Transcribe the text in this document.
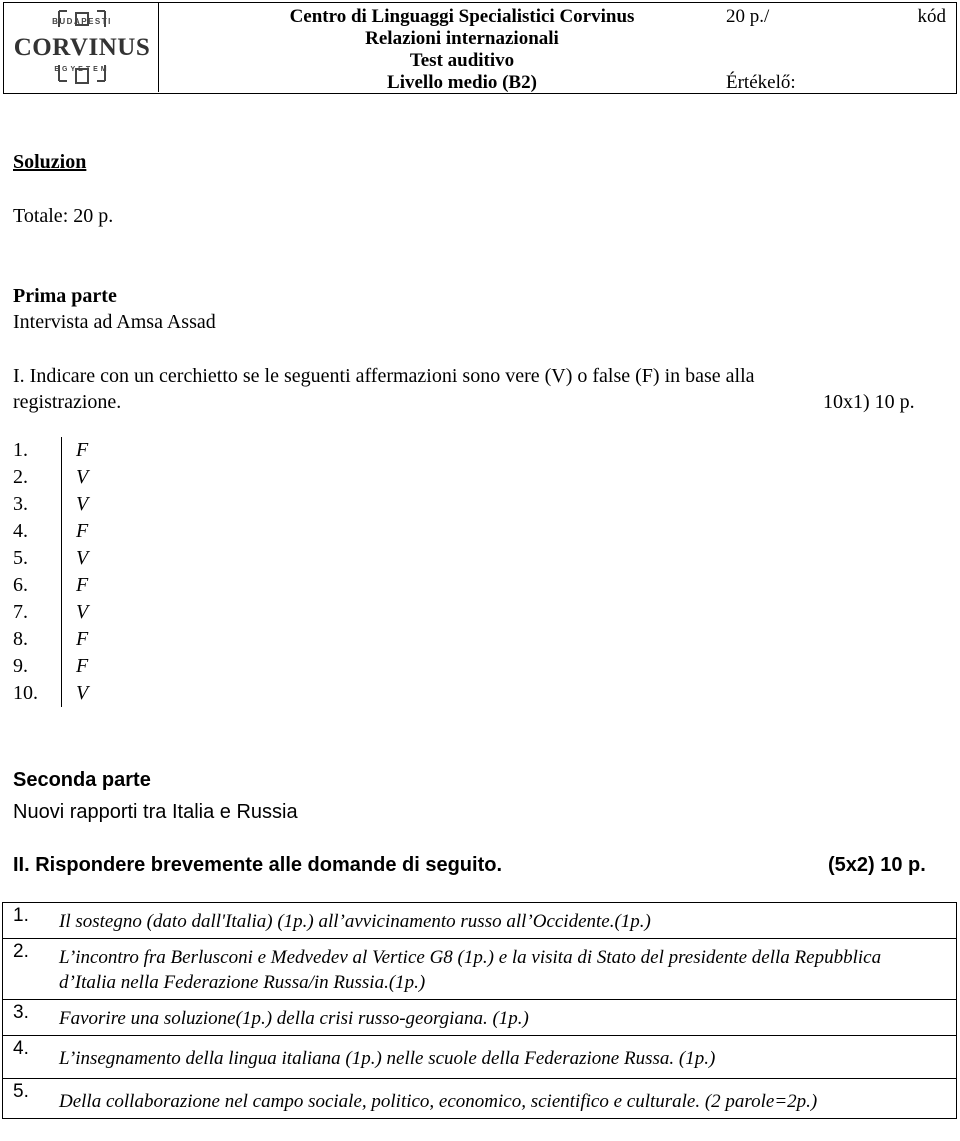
BUDAPESTI
CORVINUS
EGYETEM
Centro di Linguaggi Specialistici Corvinus
Relazioni internazionali
Test auditivo
Livello medio (B2)
20 p./	kód
Értékelő:
Soluzion
Totale: 20 p.
Prima parte
Intervista ad Amsa Assad
I. Indicare con un cerchietto se le seguenti affermazioni sono vere (V) o false (F) in base alla
registrazione.	10x1) 10 p.
1. F
2. V
3. V
4. F
5. V
6. F
7. V
8. F
9. F
10. V
Seconda parte
Nuovi rapporti tra Italia e Russia
II. Rispondere brevemente alle domande di seguito.	(5x2) 10 p.
1.	Il sostegno (dato dall'Italia) (1p.) all’avvicinamento russo all’Occidente.(1p.)
2.	L’incontro fra Berlusconi e Medvedev al Vertice G8 (1p.) e la visita di Stato del presidente della Repubblica d’Italia nella Federazione Russa/in Russia.(1p.)
3.	Favorire una soluzione(1p.) della crisi russo-georgiana. (1p.)
4.	L’insegnamento della lingua italiana (1p.) nelle scuole della Federazione Russa. (1p.)
5.	Della collaborazione nel campo sociale, politico, economico, scientifico e culturale. (2 parole=2p.)
